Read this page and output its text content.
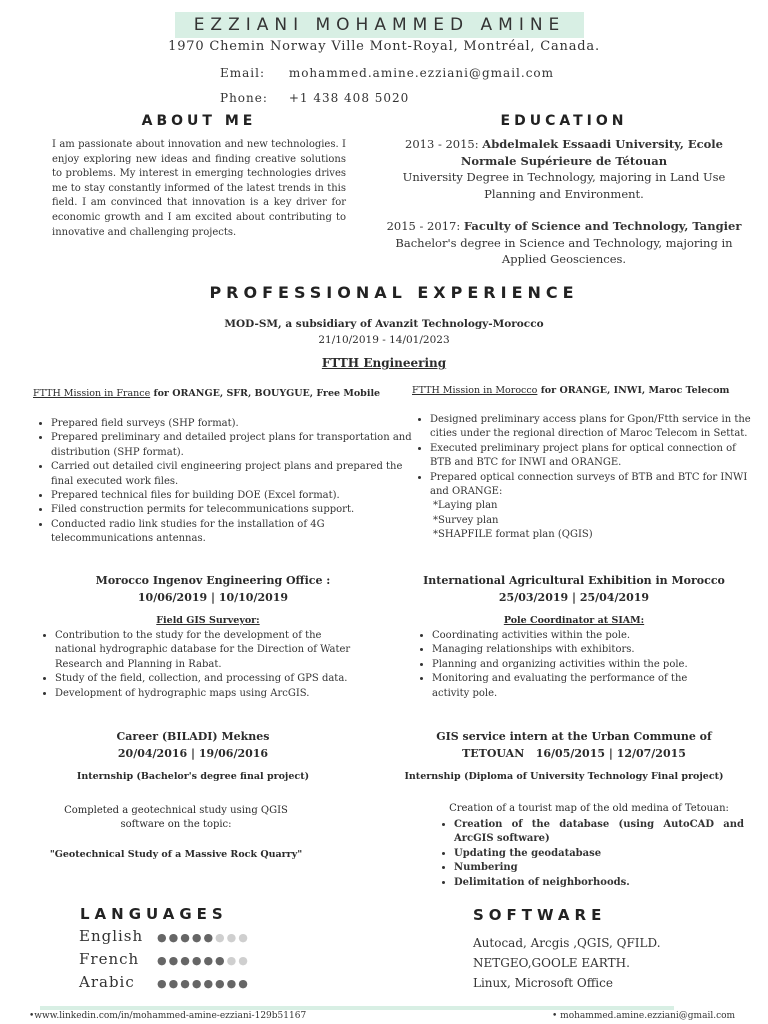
EZZIANI MOHAMMED AMINE
1970 Chemin Norway Ville Mont-Royal, Montréal, Canada.
Email: mohammed.amine.ezziani@gmail.com
Phone: +1 438 408 5020
ABOUT ME
I am passionate about innovation and new technologies. I enjoy exploring new ideas and finding creative solutions to problems. My interest in emerging technologies drives me to stay constantly informed of the latest trends in this field. I am convinced that innovation is a key driver for economic growth and I am excited about contributing to innovative and challenging projects.
EDUCATION
2013 - 2015: Abdelmalek Essaadi University, Ecole Normale Supérieure de Tétouan
University Degree in Technology, majoring in Land Use Planning and Environment.
2015 - 2017: Faculty of Science and Technology, Tangier
Bachelor's degree in Science and Technology, majoring in Applied Geosciences.
PROFESSIONAL EXPERIENCE
MOD-SM, a subsidiary of Avanzit Technology-Morocco
21/10/2019 - 14/01/2023
FTTH Engineering
FTTH Mission in France for ORANGE, SFR, BOUYGUE, Free Mobile	FTTH Mission in Morocco for ORANGE, INWI, Maroc Telecom
• Prepared field surveys (SHP format).
• Prepared preliminary and detailed project plans for transportation and distribution (SHP format).
• Carried out detailed civil engineering project plans and prepared the final executed work files.
• Prepared technical files for building DOE (Excel format).
• Filed construction permits for telecommunications support.
• Conducted radio link studies for the installation of 4G telecommunications antennas.
• Designed preliminary access plans for Gpon/Ftth service in the cities under the regional direction of Maroc Telecom in Settat.
• Executed preliminary project plans for optical connection of BTB and BTC for INWI and ORANGE.
• Prepared optical connection surveys of BTB and BTC for INWI and ORANGE:
*Laying plan
*Survey plan
*SHAPFILE format plan (QGIS)
Morocco Ingenov Engineering Office :
10/06/2019 | 10/10/2019
Field GIS Surveyor:
• Contribution to the study for the development of the national hydrographic database for the Direction of Water Research and Planning in Rabat.
• Study of the field, collection, and processing of GPS data.
• Development of hydrographic maps using ArcGIS.
International Agricultural Exhibition in Morocco
25/03/2019 | 25/04/2019
Pole Coordinator at SIAM:
• Coordinating activities within the pole.
• Managing relationships with exhibitors.
• Planning and organizing activities within the pole.
• Monitoring and evaluating the performance of the activity pole.
Career (BILADI) Meknes
20/04/2016 | 19/06/2016
Internship (Bachelor's degree final project)
Completed a geotechnical study using QGIS software on the topic:
"Geotechnical Study of a Massive Rock Quarry"
GIS service intern at the Urban Commune of
TETOUAN   16/05/2015 | 12/07/2015
Internship (Diploma of University Technology Final project)
Creation of a tourist map of the old medina of Tetouan:
• Creation of the database (using AutoCAD and ArcGIS software)
• Updating the geodatabase
• Numbering
• Delimitation of neighborhoods.
LANGUAGES
English ●●●●●●●●
French ●●●●●●●●
Arabic ●●●●●●●●
SOFTWARE
Autocad, Arcgis ,QGIS, QFILD.
NETGEO,GOOLE EARTH.
Linux, Microsoft Office
•www.linkedin.com/in/mohammed-amine-ezziani-129b51167	• mohammed.amine.ezziani@gmail.com
